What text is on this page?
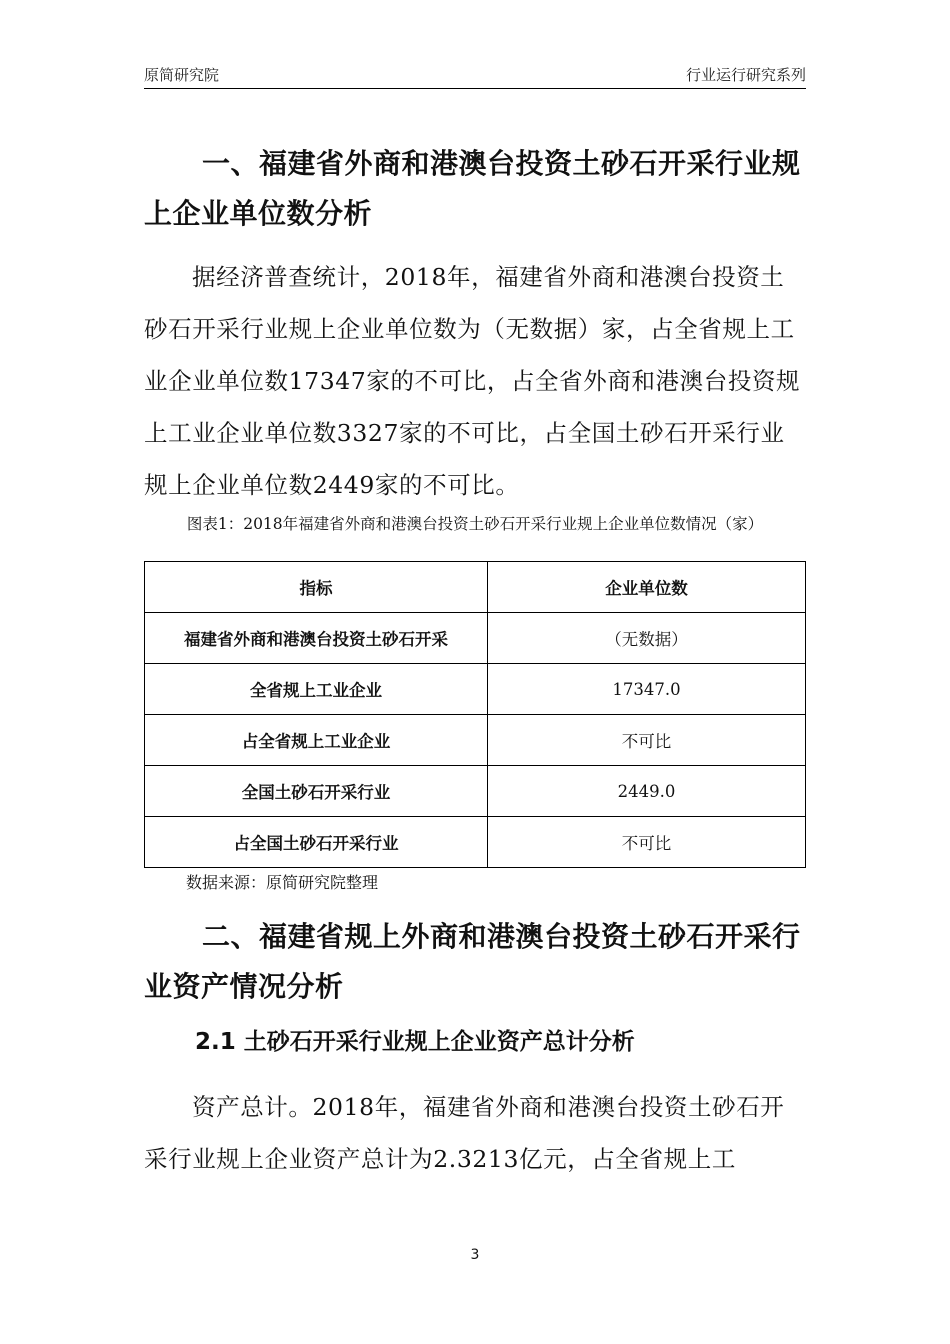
原简研究院	行业运行研究系列
一、福建省外商和港澳台投资土砂石开采行业规上企业单位数分析

据经济普查统计，2018年，福建省外商和港澳台投资土砂石开采行业规上企业单位数为（无数据）家，占全省规上工业企业单位数17347家的不可比，占全省外商和港澳台投资规上工业企业单位数3327家的不可比，占全国土砂石开采行业规上企业单位数2449家的不可比。

图表1：2018年福建省外商和港澳台投资土砂石开采行业规上企业单位数情况（家）
指标	企业单位数
福建省外商和港澳台投资土砂石开采	（无数据）
全省规上工业企业	17347.0
占全省规上工业企业	不可比
全国土砂石开采行业	2449.0
占全国土砂石开采行业	不可比
数据来源：原简研究院整理
二、福建省规上外商和港澳台投资土砂石开采行业资产情况分析
2.1 土砂石开采行业规上企业资产总计分析

资产总计。2018年，福建省外商和港澳台投资土砂石开采行业规上企业资产总计为2.3213亿元，占全省规上工

3
